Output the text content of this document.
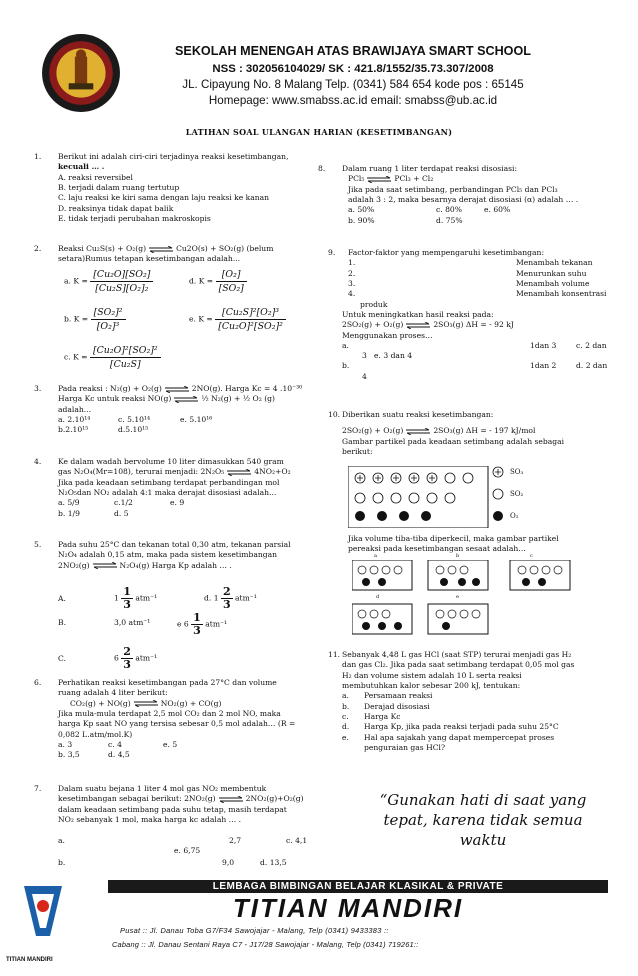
SEKOLAH MENENGAH ATAS BRAWIJAYA SMART SCHOOL
NSS : 302056104029/ SK : 421.8/1552/35.73.307/2008
JL. Cipayung No. 8 Malang Telp. (0341) 584 654 kode pos : 65145
Homepage: www.smabss.ac.id email: smabss@ub.ac.id
LATIHAN SOAL ULANGAN HARIAN (KESETIMBANGAN)
1. Berikut ini adalah ciri-ciri terjadinya reaksi kesetimbangan,
kecuali … .
A. reaksi reversibel
B. terjadi dalam ruang tertutup
C. laju reaksi ke kiri sama dengan laju reaksi ke kanan
D. reaksinya tidak dapat balik
E. tidak terjadi perubahan makroskopis
2. Reaksi Cu₂S(s) + O₂(g) ⇌ Cu2O(s) + SO₂(g) (belum
setara)Rumus tetapan kesetimbangan adalah...
a. $K = \frac{\text{[Cu₂O][SO₂]}}{\text{[Cu₂S][O₂]₂}}$	d. $K = \frac{\text{[O₂]}}{\text{[SO₂]}}$
b. $K = \frac{\text{[SO₂]²}}{\text{[O₂]³}}$	e. $K = \frac{\text{[Cu₂S]²[O₂]³}}{\text{[Cu₂O]²[SO₂]²}}$
c. $K = \frac{\text{[Cu₂O]²[SO₂]²}}{\text{[Cu₂S]}}$
3. Pada reaksi : N₂(g) + O₂(g) ⇌ 2NO(g). Harga Kc = 4 .10⁻³⁰
Harga Kc untuk reaksi NO(g) ⇌ ½ N₂(g) + ½ O₂ (g)
adalah...
a. 2.10¹⁴	c. 5.10¹⁴	e. 5.10¹⁶
b.2.10¹⁵	d.5.10¹⁵
4. Ke dalam wadah bervolume 10 liter dimasukkan 540 gram
gas N₂O₄(Mr=108), terurai menjadi: 2N₂O₅ ⇌ 4NO₂+O₂
Jika pada keadaan setimbang terdapat perbandingan mol
N₂O₅dan NO₂ adalah 4:1 maka derajat disosiasi adalah...
a. 5/9	c.1/2	e. 9
b. 1/9	d. 5
5. Pada suhu 25°C dan tekanan total 0,30 atm, tekanan parsial
N₂O₄ adalah 0,15 atm, maka pada sistem kesetimbangan
2NO₂(g) ⇌ N₂O₄(g) Harga Kp adalah … .
A.	$1 \frac{1}{3} atm^{-1}$	d. $1 \frac{2}{3} atm^{-1}$
B.	3,0 atm⁻¹	e $6 \frac{1}{3} atm^{-1}$
C.	$6 \frac{2}{3} atm^{-1}$
6. Perhatikan reaksi kesetimbangan pada 27°C dan volume
ruang adalah 4 liter berikut:
CO₂(g) + NO(g) ⇌ NO₂(g) + CO(g)
Jika mula-mula terdapat 2,5 mol CO₂ dan 2 mol NO, maka
harga Kp saat NO yang tersisa sebesar 0,5 mol adalah… (R =
0,082 L.atm/mol.K)
a. 3	c. 4	e. 5
b. 3,5	d. 4,5
7. Dalam suatu bejana 1 liter 4 mol gas NO₂ membentuk
kesetimbangan sebagai berikut: 2NO₂(g) ⇌ 2NO₂(g)+O₂(g)
dalam keadaan setimbang pada suhu tetap, masih terdapat
NO₂ sebanyak 1 mol, maka harga kc adalah … .
a.	2,7	c. 4,1
e. 6,75
b.	9,0	d. 13,5
8. Dalam ruang 1 liter terdapat reaksi disosiasi:
PCl₅ ⇌ PCl₃ + Cl₂
Jika pada saat setimbang, perbandingan PCl₅ dan PCl₃
adalah 3 : 2, maka besarnya derajat disosiasi (α) adalah … .
a. 50%	c. 80%	e. 60%
b. 90%	d. 75%
9.	Factor-faktor yang mempengaruhi kesetimbangan:
1.	Menambah tekanan
2.	Menurunkan suhu
3.	Menambah volume
4.	Menambah konsentrasi
produk
Untuk meningkatkan hasil reaksi pada:
2SO₂(g) + O₂(g) ⇌ 2SO₃(g) ΔH = - 92 kJ
Menggunakan proses…
a.	1dan 3	c. 2 dan
3 e. 3 dan 4
b.	1dan 2	d. 2 dan
4
10. Diberikan suatu reaksi kesetimbangan:
2SO₂(g) + O₂(g) ⇌ 2SO₃(g) ΔH = - 197 kJ/mol
Gambar partikel pada keadaan setimbang adalah sebagai
berikut:
SO₃
SO₂
O₂
Jika volume tiba-tiba diperkecil, maka gambar partikel
pereaksi pada kesetimbangan sesaat adalah…
a	b	c
d	e
11. Sebanyak 4,48 L gas HCl (saat STP) terurai menjadi gas H₂
dan gas Cl₂. Jika pada saat setimbang terdapat 0,05 mol gas
H₂ dan volume sistem adalah 10 L serta reaksi
membutuhkan kalor sebesar 200 kJ, tentukan:
a. Persamaan reaksi
b. Derajad disosiasi
c. Harga Kc
d. Harga Kp, jika pada reaksi terjadi pada suhu 25°C
e. Hal apa sajakah yang dapat mempercepat proses
penguraian gas HCl?
“Gunakan hati di saat yang tepat, karena tidak semua waktu
TITIAN MANDIRI
LEMBAGA BIMBINGAN BELAJAR KLASIKAL & PRIVATE
TITIAN MANDIRI
Pusat :: Jl. Danau Toba G7/F34 Sawojajar - Malang, Telp (0341) 9433383 ::
Cabang :: Jl. Danau Sentani Raya C7 - J17/28 Sawojajar - Malang, Telp (0341) 719261::
